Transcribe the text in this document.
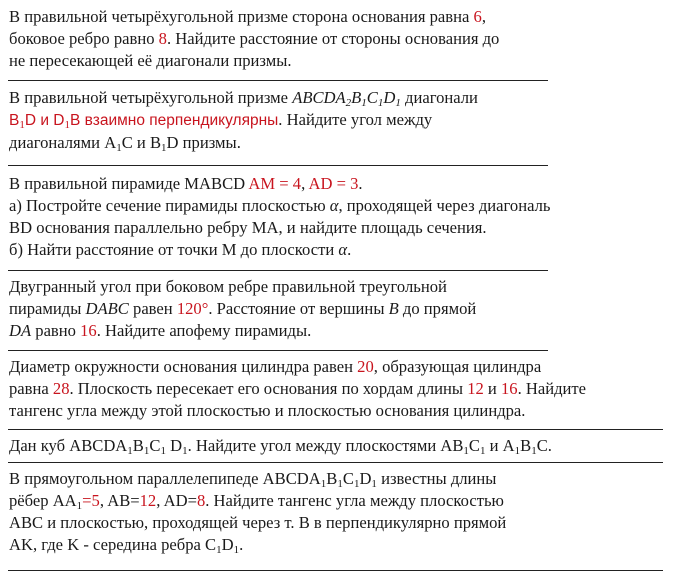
В правильной четырёхугольной призме сторона основания равна 6,
боковое ребро равно 8. Найдите расстояние от стороны основания до
не пересекающей её диагонали призмы.
В правильной четырёхугольной призме $ABCDA_2B_1C_1D_1$ диагонали
$B_1D$ и $D_1B$ взаимно перпендикулярны. Найдите угол между
диагоналями $A_1C$ и $B_1D$ призмы.
В правильной пирамиде MABCD AM = 4, AD = 3.
а) Постройте сечение пирамиды плоскостью α, проходящей через диагональ
BD основания параллельно ребру MA, и найдите площадь сечения.
б) Найти расстояние от точки M до плоскости α.
Двугранный угол при боковом ребре правильной треугольной
пирамиды DABC равен 120°. Расстояние от вершины B до прямой
DA равно 16. Найдите апофему пирамиды.
Диаметр окружности основания цилиндра равен 20, образующая цилиндра
равна 28. Плоскость пересекает его основания по хордам длины 12 и 16. Найдите
тангенс угла между этой плоскостью и плоскостью основания цилиндра.
Дан куб $ABCDA_1B_1C_1$ $D_1$. Найдите угол между плоскостями $AB_1C_1$ и $A_1B_1C$.
В прямоугольном параллелепипеде $ABCDA_1B_1C_1D_1$ известны длины
рёбер $AA_1=5$, AB=12, AD=8. Найдите тангенс угла между плоскостью
ABC и плоскостью, проходящей через т. B в перпендикулярно прямой
AK, где K - середина ребра $C_1D_1$.
